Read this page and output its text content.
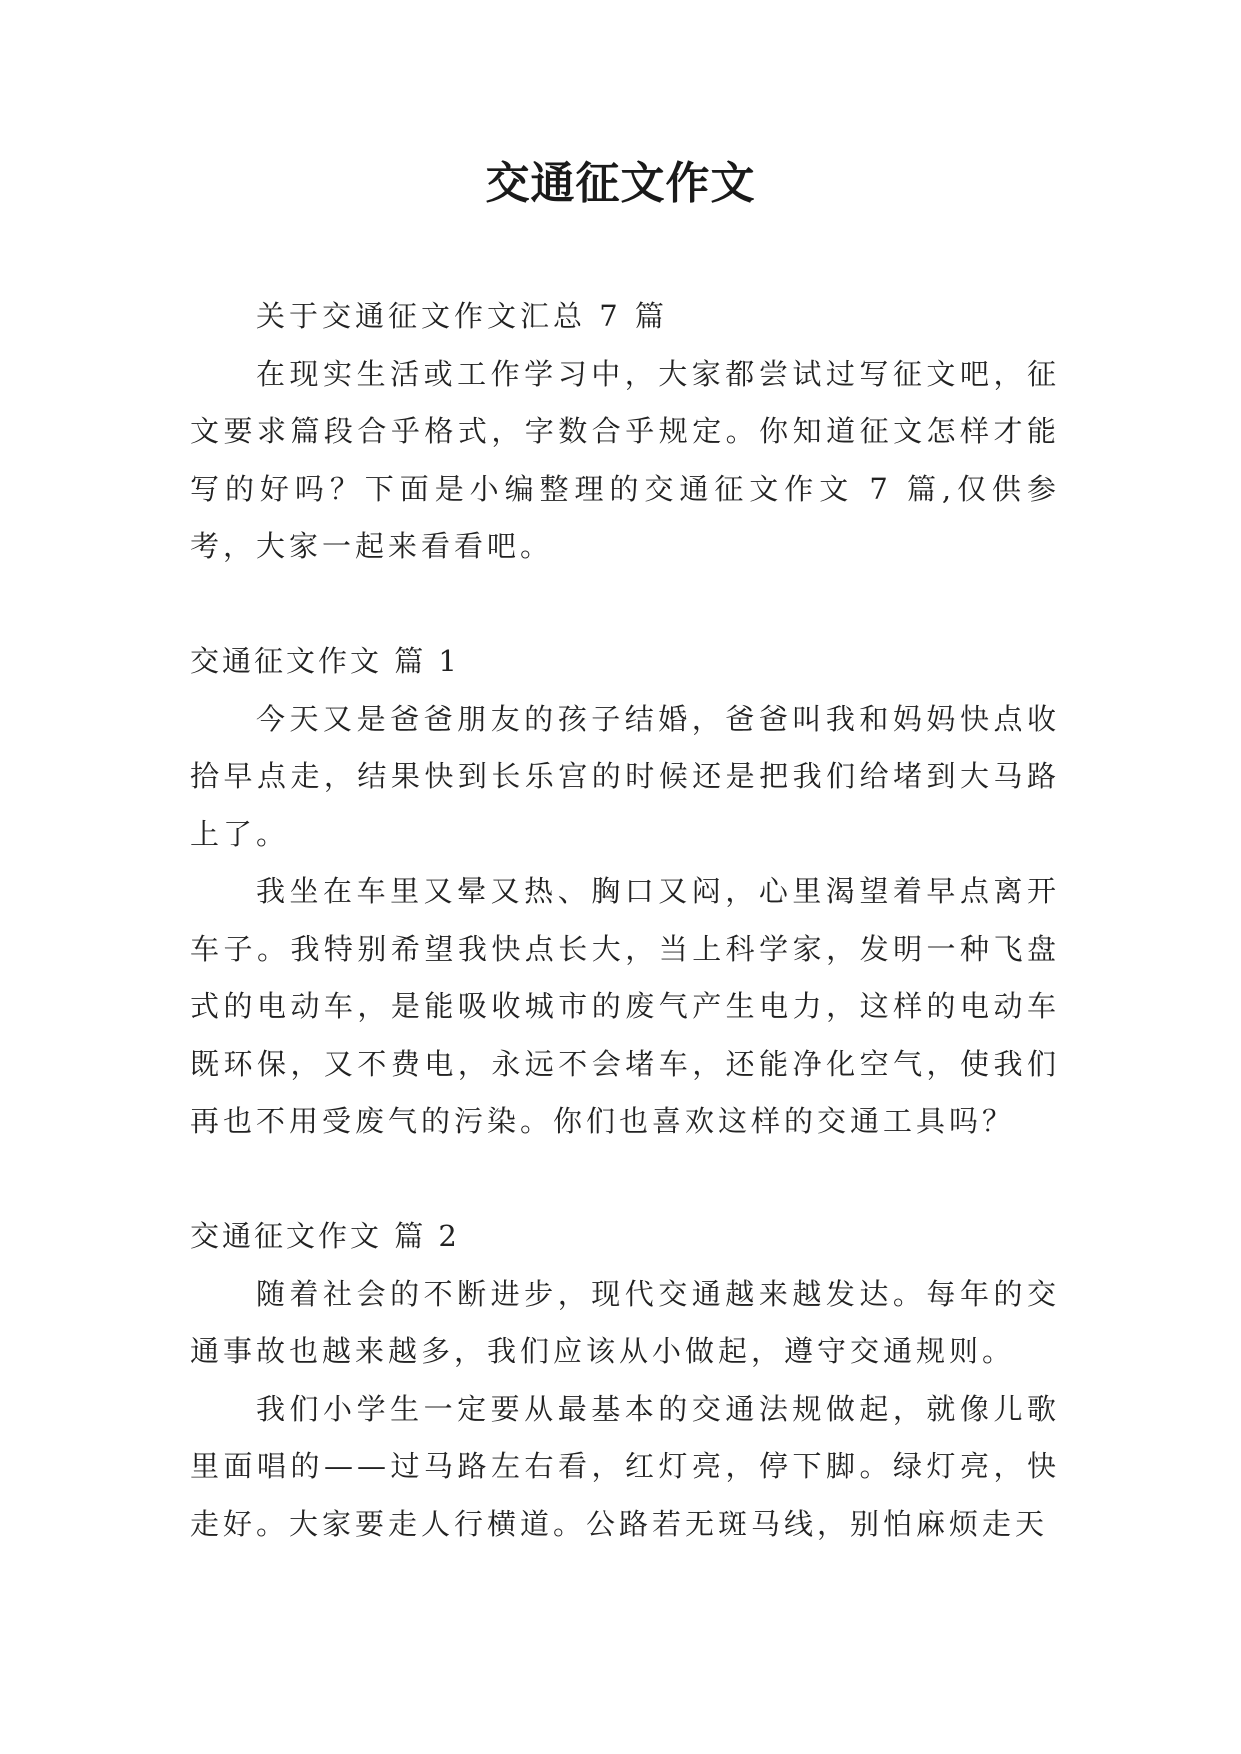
交通征文作文

关于交通征文作文汇总 7 篇

在现实生活或工作学习中，大家都尝试过写征文吧，征文要求篇段合乎格式，字数合乎规定。你知道征文怎样才能写的好吗？下面是小编整理的交通征文作文 7 篇,仅供参考，大家一起来看看吧。

交通征文作文 篇 1

今天又是爸爸朋友的孩子结婚，爸爸叫我和妈妈快点收拾早点走，结果快到长乐宫的时候还是把我们给堵到大马路上了。

我坐在车里又晕又热、胸口又闷，心里渴望着早点离开车子。我特别希望我快点长大，当上科学家，发明一种飞盘式的电动车，是能吸收城市的废气产生电力，这样的电动车既环保，又不费电，永远不会堵车，还能净化空气，使我们再也不用受废气的污染。你们也喜欢这样的交通工具吗？

交通征文作文 篇 2

随着社会的不断进步，现代交通越来越发达。每年的交通事故也越来越多，我们应该从小做起，遵守交通规则。

我们小学生一定要从最基本的交通法规做起，就像儿歌里面唱的——过马路左右看，红灯亮，停下脚。绿灯亮，快走好。大家要走人行横道。公路若无斑马线，别怕麻烦走天
